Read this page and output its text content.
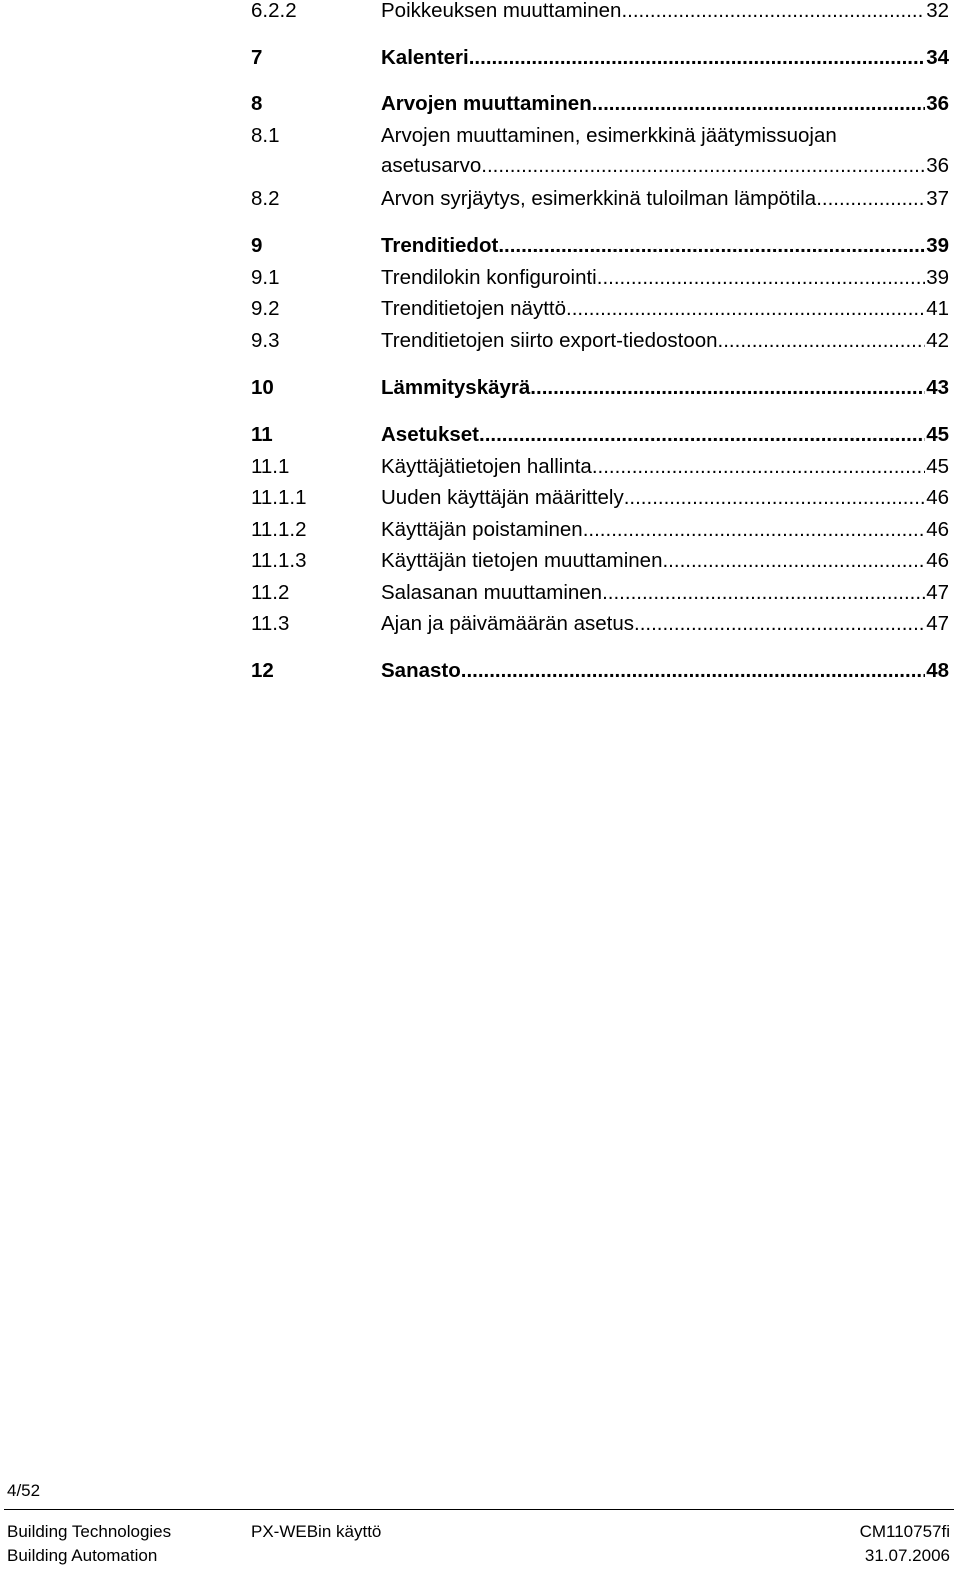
6.2.2	Poikkeuksen muuttaminen .....	32
7	Kalenteri .....	34
8	Arvojen muuttaminen .....	36
8.1	Arvojen muuttaminen, esimerkkinä jäätymissuojan
asetusarvo .....	36
8.2	Arvon syrjäytys, esimerkkinä tuloilman lämpötila .....	37
9	Trenditiedot .....	39
9.1	Trendilokin konfigurointi .....	39
9.2	Trenditietojen näyttö .....	41
9.3	Trenditietojen siirto export-tiedostoon .....	42
10	Lämmityskäyrä .....	43
11	Asetukset .....	45
11.1	Käyttäjätietojen hallinta .....	45
11.1.1	Uuden käyttäjän määrittely .....	46
11.1.2	Käyttäjän poistaminen .....	46
11.1.3	Käyttäjän tietojen muuttaminen .....	46
11.2	Salasanan muuttaminen .....	47
11.3	Ajan ja päivämäärän asetus .....	47
12	Sanasto .....	48
4/52
Building Technologies
Building Automation
PX-WEBin käyttö	CM110757fi
31.07.2006
